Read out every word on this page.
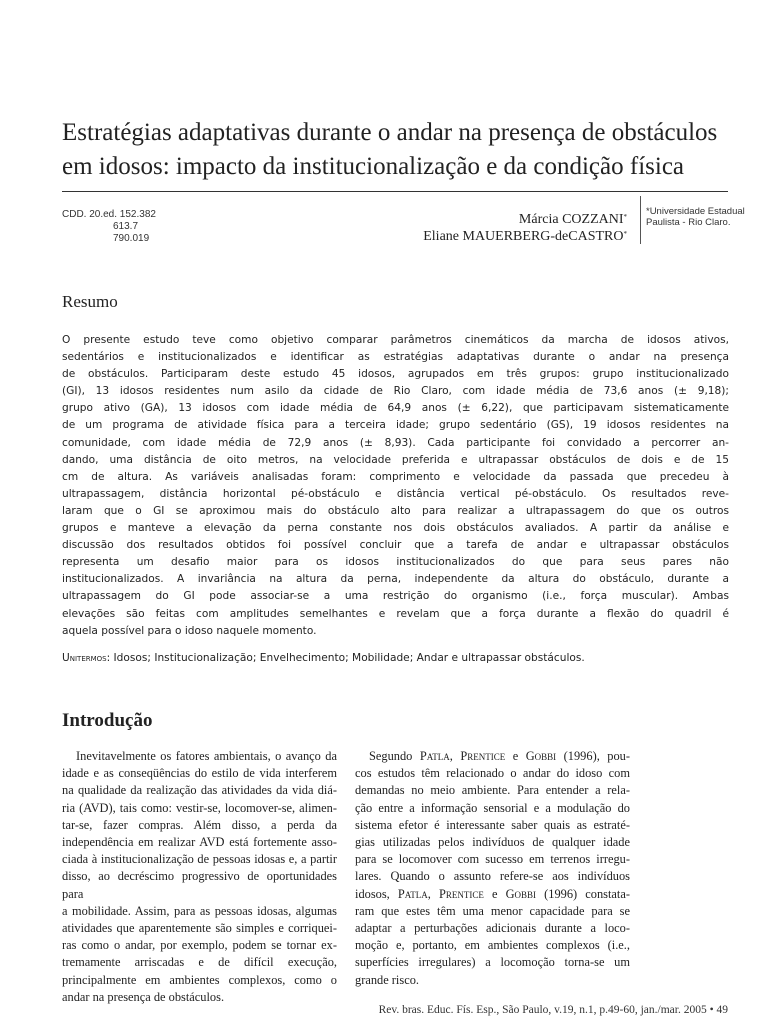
Estratégias adaptativas durante o andar na presença de obstáculos
em idosos: impacto da institucionalização e da condição física
CDD. 20.ed. 152.382
613.7
790.019
Márcia COZZANI*
Eliane MAUERBERG-deCASTRO*
*Universidade Estadual Paulista - Rio Claro.
Resumo
O presente estudo teve como objetivo comparar parâmetros cinemáticos da marcha de idosos ativos,
sedentários e institucionalizados e identificar as estratégias adaptativas durante o andar na presença
de obstáculos. Participaram deste estudo 45 idosos, agrupados em três grupos: grupo institucionalizado
(GI), 13 idosos residentes num asilo da cidade de Rio Claro, com idade média de 73,6 anos (± 9,18);
grupo ativo (GA), 13 idosos com idade média de 64,9 anos (± 6,22), que participavam sistematicamente
de um programa de atividade física para a terceira idade; grupo sedentário (GS), 19 idosos residentes na
comunidade, com idade média de 72,9 anos (± 8,93). Cada participante foi convidado a percorrer an-
dando, uma distância de oito metros, na velocidade preferida e ultrapassar obstáculos de dois e de 15
cm de altura. As variáveis analisadas foram: comprimento e velocidade da passada que precedeu à
ultrapassagem, distância horizontal pé-obstáculo e distância vertical pé-obstáculo. Os resultados reve-
laram que o GI se aproximou mais do obstáculo alto para realizar a ultrapassagem do que os outros
grupos e manteve a elevação da perna constante nos dois obstáculos avaliados. A partir da análise e
discussão dos resultados obtidos foi possível concluir que a tarefa de andar e ultrapassar obstáculos
representa um desafio maior para os idosos institucionalizados do que para seus pares não
institucionalizados. A invariância na altura da perna, independente da altura do obstáculo, durante a
ultrapassagem do GI pode associar-se a uma restrição do organismo (i.e., força muscular). Ambas
elevações são feitas com amplitudes semelhantes e revelam que a força durante a flexão do quadril é
aquela possível para o idoso naquele momento.
Unitermos: Idosos; Institucionalização; Envelhecimento; Mobilidade; Andar e ultrapassar obstáculos.
Introdução
Inevitavelmente os fatores ambientais, o avanço da
idade e as conseqüências do estilo de vida interferem
na qualidade da realização das atividades da vida diá-
ria (AVD), tais como: vestir-se, locomover-se, alimen-
tar-se, fazer compras. Além disso, a perda da
independência em realizar AVD está fortemente asso-
ciada à institucionalização de pessoas idosas e, a partir
disso, ao decréscimo progressivo de oportunidades para
a mobilidade. Assim, para as pessoas idosas, algumas
atividades que aparentemente são simples e corriquei-
ras como o andar, por exemplo, podem se tornar ex-
tremamente arriscadas e de difícil execução,
principalmente em ambientes complexos, como o
andar na presença de obstáculos.
Segundo Patla, Prentice e Gobbi (1996), pou-
cos estudos têm relacionado o andar do idoso com
demandas no meio ambiente. Para entender a rela-
ção entre a informação sensorial e a modulação do
sistema efetor é interessante saber quais as estraté-
gias utilizadas pelos indivíduos de qualquer idade
para se locomover com sucesso em terrenos irregu-
lares. Quando o assunto refere-se aos indivíduos
idosos, Patla, Prentice e Gobbi (1996) constata-
ram que estes têm uma menor capacidade para se
adaptar a perturbações adicionais durante a loco-
moção e, portanto, em ambientes complexos (i.e.,
superfícies irregulares) a locomoção torna-se um
grande risco.
Rev. bras. Educ. Fís. Esp., São Paulo, v.19, n.1, p.49-60, jan./mar. 2005 • 49
